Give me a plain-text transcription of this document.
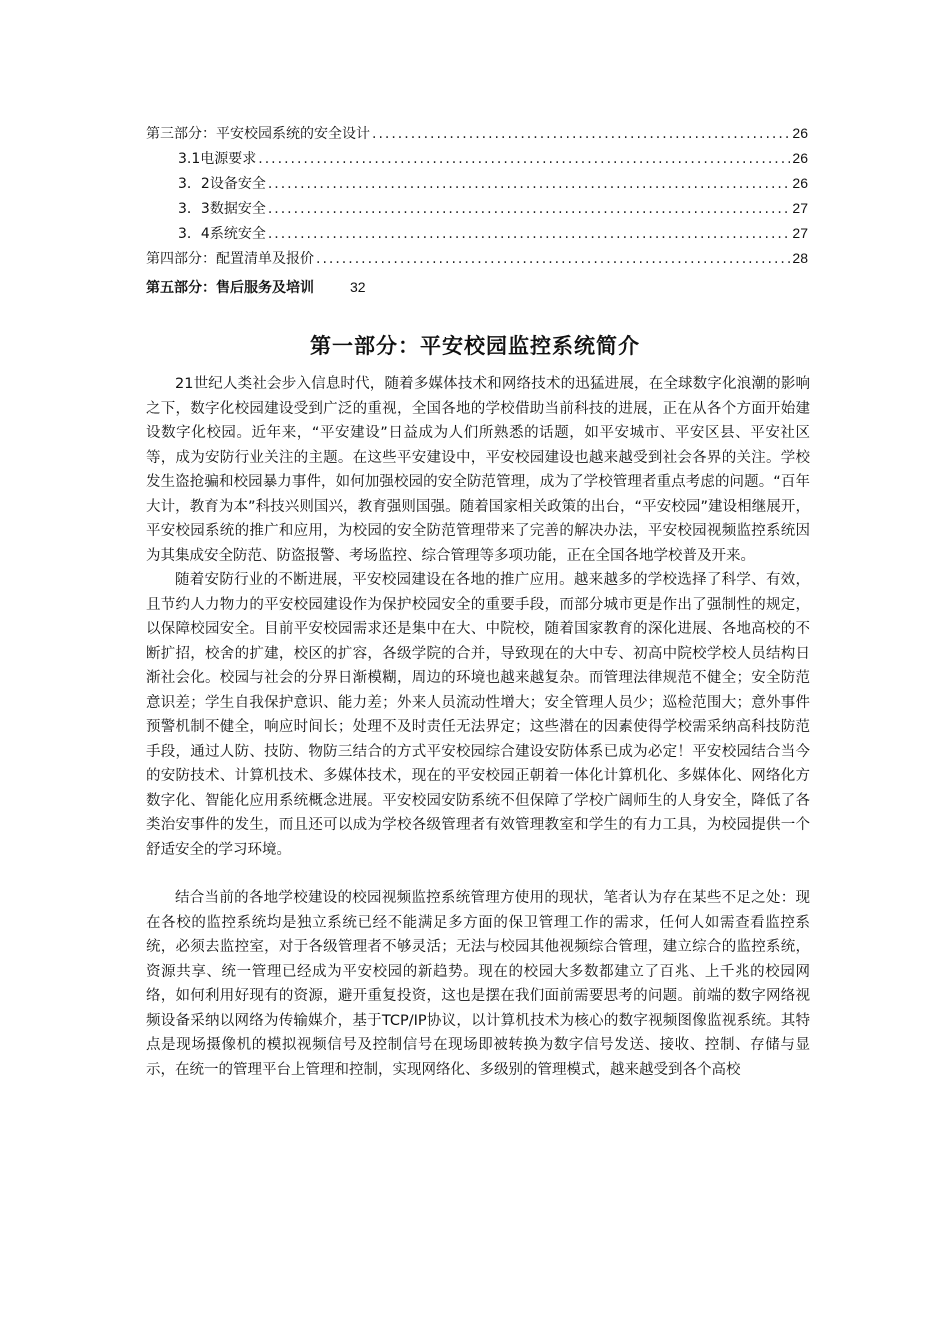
第三部分：平安校园系统的安全设计 .....	26
3.1电源要求 .....	26
3．2设备安全 .....	26
3．3数据安全 .....	27
3．4系统安全 .....	27
第四部分：配置清单及报价 .....	28
第五部分：售后服务及培训	32
第一部分：平安校园监控系统简介

21世纪人类社会步入信息时代，随着多媒体技术和网络技术的迅猛进展，在全球数字化浪潮的影响之下，数字化校园建设受到广泛的重视，全国各地的学校借助当前科技的进展，正在从各个方面开始建设数字化校园。近年来，“平安建设”日益成为人们所熟悉的话题，如平安城市、平安区县、平安社区等，成为安防行业关注的主题。在这些平安建设中，平安校园建设也越来越受到社会各界的关注。学校发生盗抢骗和校园暴力事件，如何加强校园的安全防范管理，成为了学校管理者重点考虑的问题。“百年大计，教育为本”科技兴则国兴，教育强则国强。随着国家相关政策的出台，“平安校园”建设相继展开，平安校园系统的推广和应用，为校园的安全防范管理带来了完善的解决办法，平安校园视频监控系统因为其集成安全防范、防盗报警、考场监控、综合管理等多项功能，正在全国各地学校普及开来。

随着安防行业的不断进展，平安校园建设在各地的推广应用。越来越多的学校选择了科学、有效，且节约人力物力的平安校园建设作为保护校园安全的重要手段，而部分城市更是作出了强制性的规定，以保障校园安全。目前平安校园需求还是集中在大、中院校，随着国家教育的深化进展、各地高校的不断扩招，校舍的扩建，校区的扩容，各级学院的合并，导致现在的大中专、初高中院校学校人员结构日渐社会化。校园与社会的分界日渐模糊，周边的环境也越来越复杂。而管理法律规范不健全；安全防范意识差；学生自我保护意识、能力差；外来人员流动性增大；安全管理人员少；巡检范围大；意外事件预警机制不健全，响应时间长；处理不及时责任无法界定；这些潜在的因素使得学校需采纳高科技防范手段，通过人防、技防、物防三结合的方式平安校园综合建设安防体系已成为必定！平安校园结合当今的安防技术、计算机技术、多媒体技术，现在的平安校园正朝着一体化计算机化、多媒体化、网络化方数字化、智能化应用系统概念进展。平安校园安防系统不但保障了学校广阔师生的人身安全，降低了各类治安事件的发生，而且还可以成为学校各级管理者有效管理教室和学生的有力工具，为校园提供一个舒适安全的学习环境。

结合当前的各地学校建设的校园视频监控系统管理方使用的现状，笔者认为存在某些不足之处：现在各校的监控系统均是独立系统已经不能满足多方面的保卫管理工作的需求，任何人如需查看监控系统，必须去监控室，对于各级管理者不够灵活；无法与校园其他视频综合管理，建立综合的监控系统，资源共享、统一管理已经成为平安校园的新趋势。现在的校园大多数都建立了百兆、上千兆的校园网络，如何利用好现有的资源，避开重复投资，这也是摆在我们面前需要思考的问题。前端的数字网络视频设备采纳以网络为传输媒介，基于TCP/IP协议，以计算机技术为核心的数字视频图像监视系统。其特点是现场摄像机的模拟视频信号及控制信号在现场即被转换为数字信号发送、接收、控制、存储与显示，在统一的管理平台上管理和控制，实现网络化、多级别的管理模式，越来越受到各个高校
